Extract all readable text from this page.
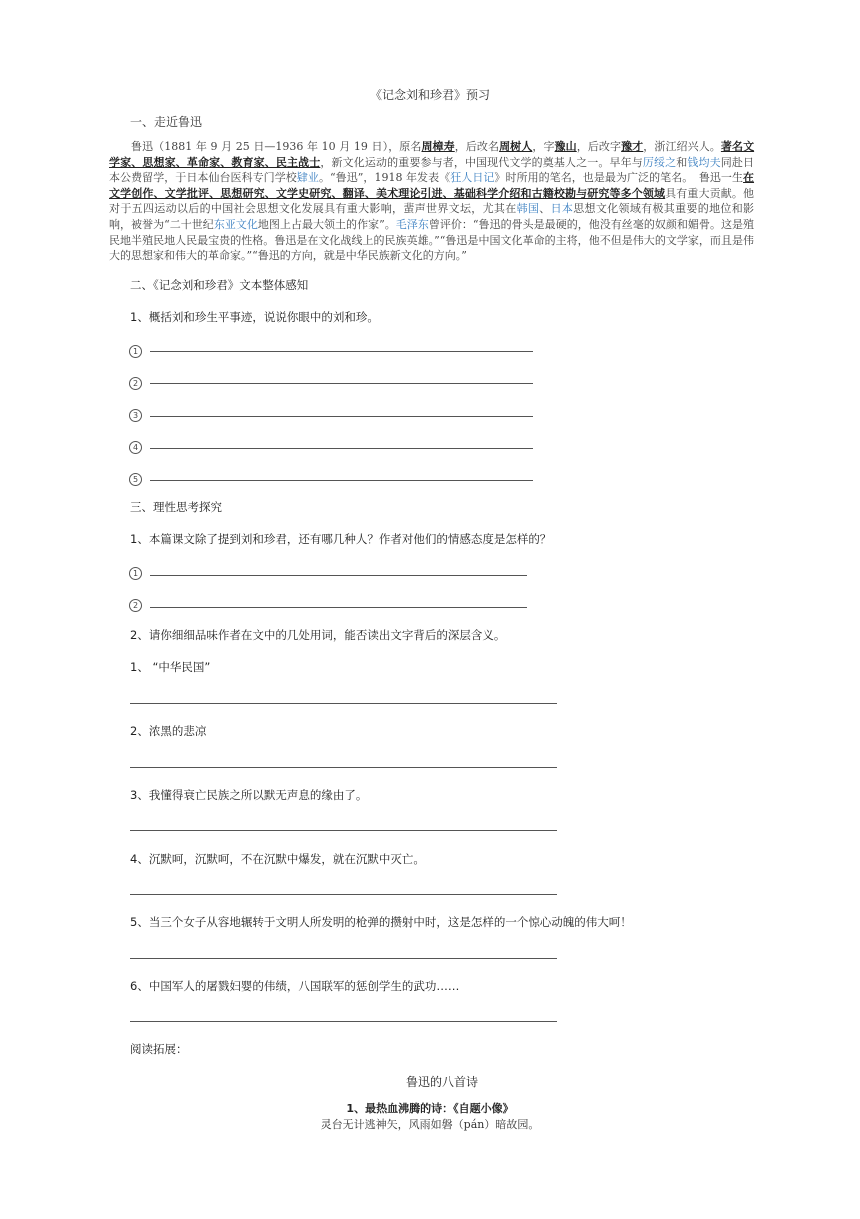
《记念刘和珍君》预习
一、走近鲁迅
鲁迅（1881 年 9 月 25 日—1936 年 10 月 19 日），原名周樟寿，后改名周树人，字豫山，后改字豫才，浙江绍兴人。著名文学家、思想家、革命家、教育家、民主战士，新文化运动的重要参与者，中国现代文学的奠基人之一。早年与厉绥之和钱均夫同赴日本公费留学，于日本仙台医科专门学校肄业。“鲁迅”，1918 年发表《狂人日记》时所用的笔名，也是最为广泛的笔名。　鲁迅一生在文学创作、文学批评、思想研究、文学史研究、翻译、美术理论引进、基础科学介绍和古籍校勘与研究等多个领域具有重大贡献。他对于五四运动以后的中国社会思想文化发展具有重大影响，蜚声世界文坛，尤其在韩国、日本思想文化领域有极其重要的地位和影响，被誉为“二十世纪东亚文化地图上占最大领土的作家”。毛泽东曾评价：“鲁迅的骨头是最硬的，他没有丝毫的奴颜和媚骨。这是殖民地半殖民地人民最宝贵的性格。鲁迅是在文化战线上的民族英雄。”“鲁迅是中国文化革命的主将，他不但是伟大的文学家，而且是伟大的思想家和伟大的革命家。”“鲁迅的方向，就是中华民族新文化的方向。”
二、《记念刘和珍君》文本整体感知
1、概括刘和珍生平事迹，说说你眼中的刘和珍。
1
2
3
4
5
三、理性思考探究
1、本篇课文除了提到刘和珍君，还有哪几种人？作者对他们的情感态度是怎样的？
1
2
2、请你细细品味作者在文中的几处用词，能否读出文字背后的深层含义。
1、 “中华民国”
2、浓黑的悲凉
3、我懂得衰亡民族之所以默无声息的缘由了。
4、沉默呵，沉默呵，不在沉默中爆发，就在沉默中灭亡。
5、当三个女子从容地辗转于文明人所发明的枪弹的攒射中时，这是怎样的一个惊心动魄的伟大呵！
6、中国军人的屠戮妇婴的伟绩，八国联军的惩创学生的武功……
阅读拓展：
鲁迅的八首诗
1、最热血沸腾的诗：《自题小像》
灵台无计逃神矢，风雨如磐（pán）暗故园。
